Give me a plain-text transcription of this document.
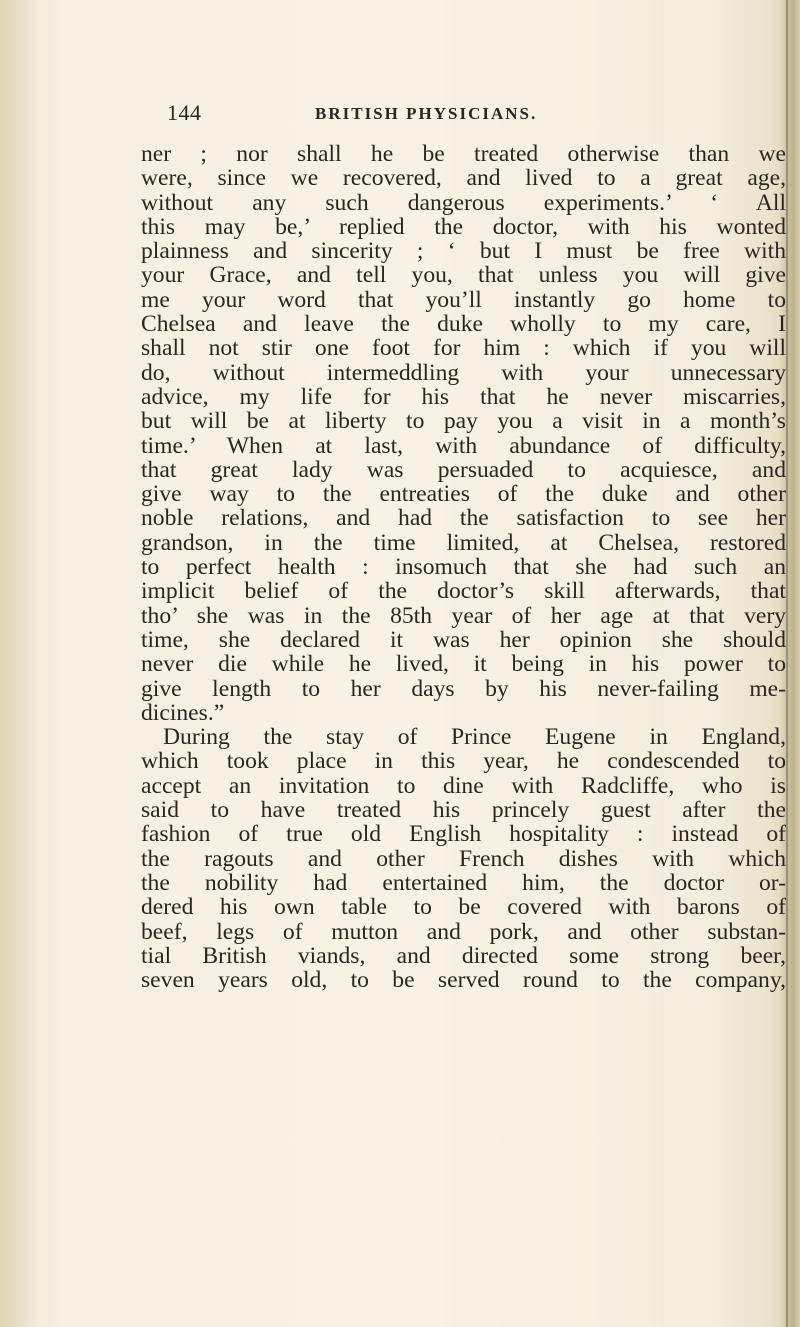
144	BRITISH PHYSICIANS.
ner ; nor shall he be treated otherwise than we
were, since we recovered, and lived to a great age,
without any such dangerous experiments.’ ‘ All
this may be,’ replied the doctor, with his wonted
plainness and sincerity ; ‘ but I must be free with
your Grace, and tell you, that unless you will give
me your word that you’ll instantly go home to
Chelsea and leave the duke wholly to my care, I
shall not stir one foot for him : which if you will
do, without intermeddling with your unnecessary
advice, my life for his that he never miscarries,
but will be at liberty to pay you a visit in a month’s
time.’ When at last, with abundance of difficulty,
that great lady was persuaded to acquiesce, and
give way to the entreaties of the duke and other
noble relations, and had the satisfaction to see her
grandson, in the time limited, at Chelsea, restored
to perfect health : insomuch that she had such an
implicit belief of the doctor’s skill afterwards, that
tho’ she was in the 85th year of her age at that very
time, she declared it was her opinion she should
never die while he lived, it being in his power to
give length to her days by his never-failing me-
dicines.”
During the stay of Prince Eugene in England,
which took place in this year, he condescended to
accept an invitation to dine with Radcliffe, who is
said to have treated his princely guest after the
fashion of true old English hospitality : instead of
the ragouts and other French dishes with which
the nobility had entertained him, the doctor or-
dered his own table to be covered with barons of
beef, legs of mutton and pork, and other substan-
tial British viands, and directed some strong beer,
seven years old, to be served round to the company,
